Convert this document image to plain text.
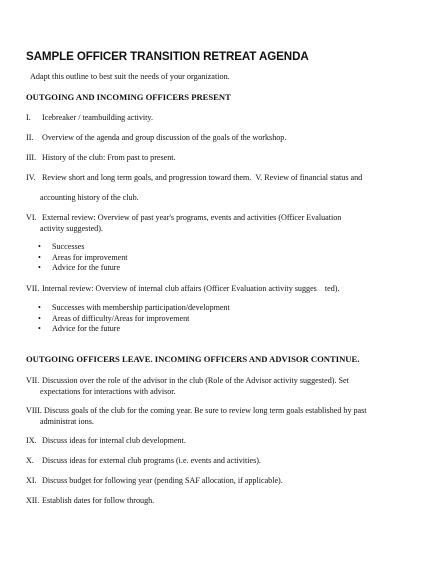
SAMPLE OFFICER TRANSITION RETREAT AGENDA
Adapt this outline to best suit the needs of your organization.
OUTGOING AND INCOMING OFFICERS PRESENT
I. Icebreaker / teambuilding activity.
II. Overview of the agenda and group discussion of the goals of the workshop.
III. History of the club: From past to present.
IV. Review short and long term goals, and progression toward them. V. Review of financial status and
accounting history of the club.
VI. External review: Overview of past year's programs, events and activities (Officer Evaluation
activity suggested).
• Successes
• Areas for improvement
• Advice for the future
VII. Internal review: Overview of internal club affairs (Officer Evaluation activity sugges    ted).
• Successes with membership participation/development
• Areas of difficulty/Areas for improvement
• Advice for the future
OUTGOING OFFICERS LEAVE. INCOMING OFFICERS AND ADVISOR CONTINUE.
VII. Discussion over the role of the advisor in the club (Role of the Advisor activity suggested). Set
expectations for interactions with advisor.
VIII. Discuss goals of the club for the coming year. Be sure to review long term goals established by past
administrat ions.
IX. Discuss ideas for internal club development.
X. Discuss ideas for external club programs (i.e. events and activities).
XI. Discuss budget for following year (pending SAF allocation, if applicable).
XII. Establish dates for follow through.
